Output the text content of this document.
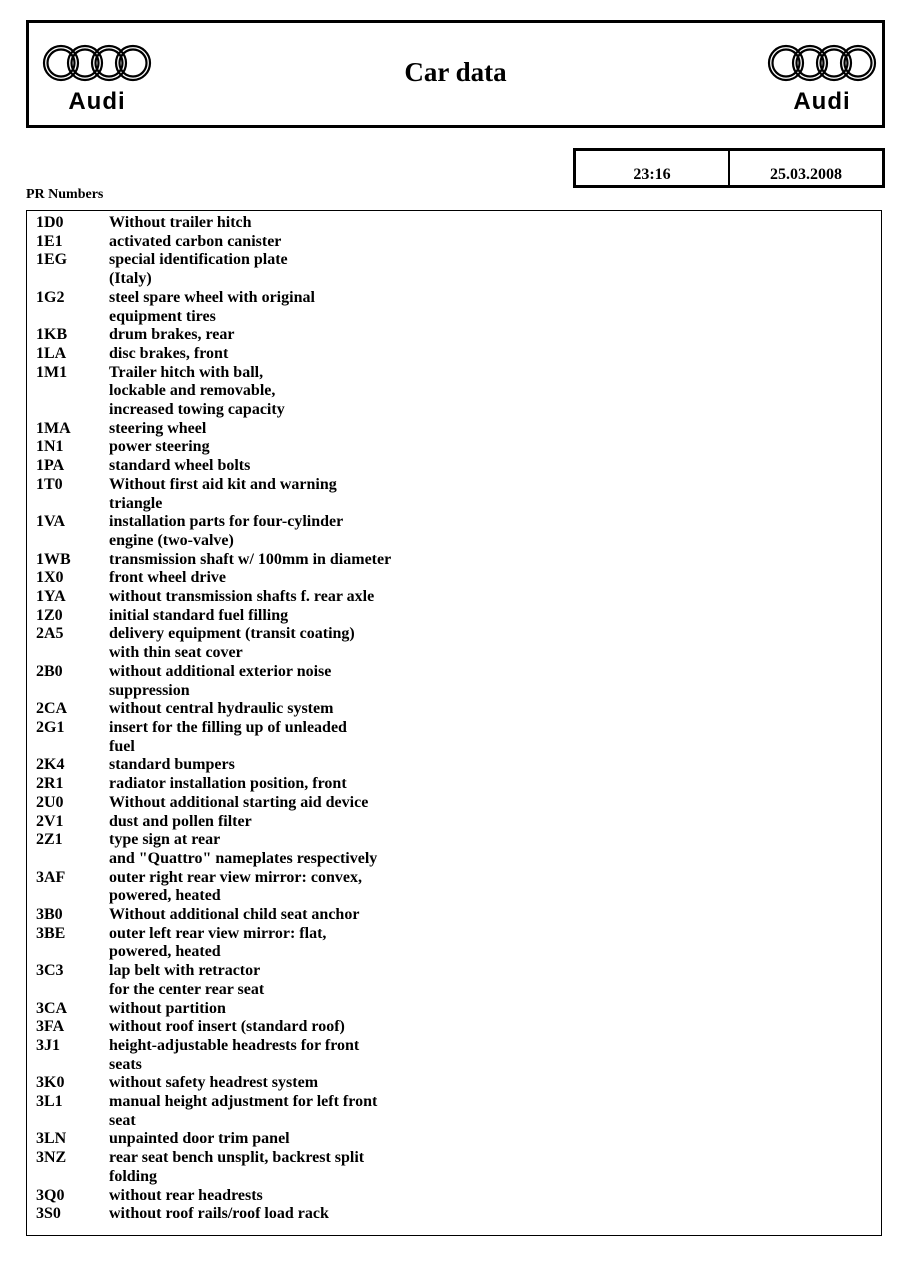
Audi
Car data
Audi
23:16	25.03.2008
PR Numbers
1D0	Without trailer hitch
1E1	activated carbon canister
1EG	special identification plate
(Italy)
1G2	steel spare wheel with original
equipment tires
1KB	drum brakes, rear
1LA	disc brakes, front
1M1	Trailer hitch with ball,
lockable and removable,
increased towing capacity
1MA	steering wheel
1N1	power steering
1PA	standard wheel bolts
1T0	Without first aid kit and warning
triangle
1VA	installation parts for four-cylinder
engine (two-valve)
1WB	transmission shaft w/ 100mm in diameter
1X0	front wheel drive
1YA	without transmission shafts f. rear axle
1Z0	initial standard fuel filling
2A5	delivery equipment (transit coating)
with thin seat cover
2B0	without additional exterior noise
suppression
2CA	without central hydraulic system
2G1	insert for the filling up of unleaded
fuel
2K4	standard bumpers
2R1	radiator installation position, front
2U0	Without additional starting aid device
2V1	dust and pollen filter
2Z1	type sign at rear
and "Quattro" nameplates respectively
3AF	outer right rear view mirror: convex,
powered, heated
3B0	Without additional child seat anchor
3BE	outer left rear view mirror: flat,
powered, heated
3C3	lap belt with retractor
for the center rear seat
3CA	without partition
3FA	without roof insert (standard roof)
3J1	height-adjustable headrests for front
seats
3K0	without safety headrest system
3L1	manual height adjustment for left front
seat
3LN	unpainted door trim panel
3NZ	rear seat bench unsplit, backrest split
folding
3Q0	without rear headrests
3S0	without roof rails/roof load rack
